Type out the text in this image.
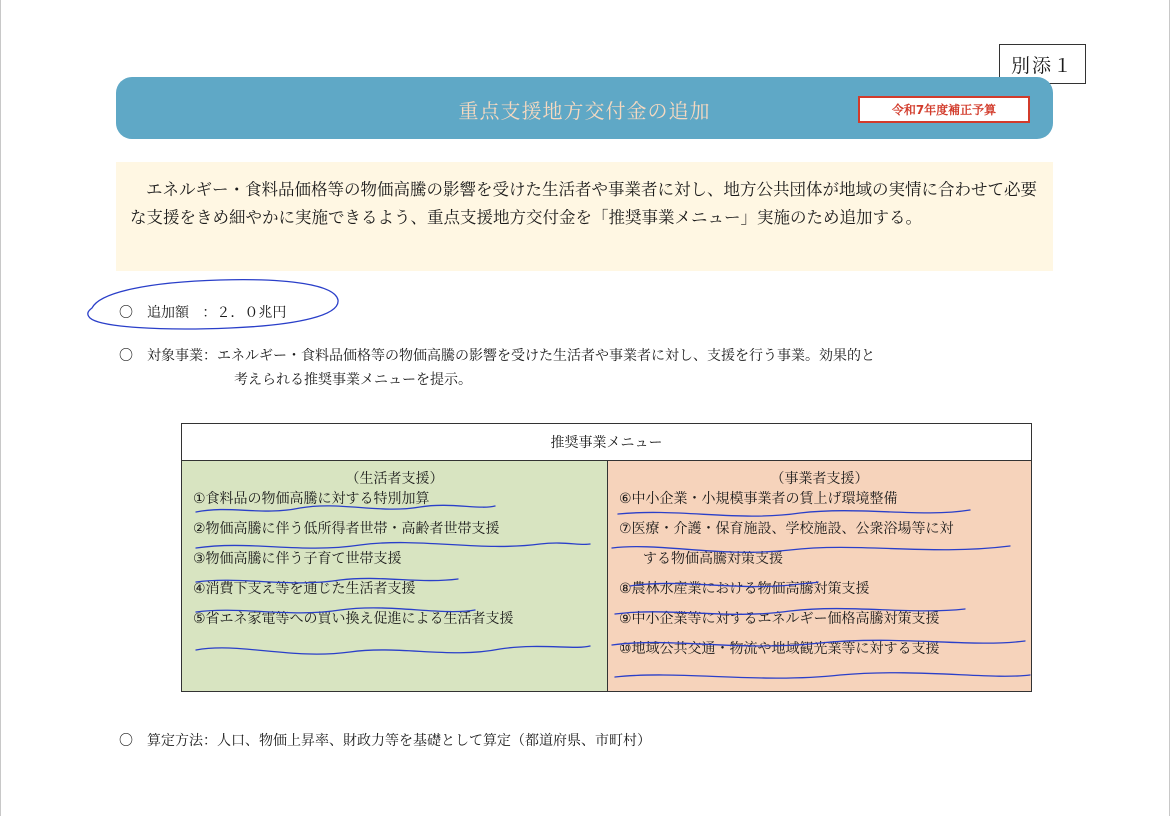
別添１
重点支援地方交付金の追加	令和7年度補正予算
エネルギー・食料品価格等の物価高騰の影響を受けた生活者や事業者に対し、地方公共団体が地域の実情に合わせて必要な支援をきめ細やかに実施できるよう、重点支援地方交付金を「推奨事業メニュー」実施のため追加する。
〇 追加額 ：２．０兆円
〇 対象事業：エネルギー・食料品価格等の物価高騰の影響を受けた生活者や事業者に対し、支援を行う事業。効果的と
考えられる推奨事業メニューを提示。
推奨事業メニュー
（生活者支援）
①食料品の物価高騰に対する特別加算
②物価高騰に伴う低所得者世帯・高齢者世帯支援
③物価高騰に伴う子育て世帯支援
④消費下支え等を通じた生活者支援
⑤省エネ家電等への買い換え促進による生活者支援
（事業者支援）
⑥中小企業・小規模事業者の賃上げ環境整備
⑦医療・介護・保育施設、学校施設、公衆浴場等に対
する物価高騰対策支援
⑧農林水産業における物価高騰対策支援
⑨中小企業等に対するエネルギー価格高騰対策支援
⑩地域公共交通・物流や地域観光業等に対する支援
〇 算定方法：人口、物価上昇率、財政力等を基礎として算定（都道府県、市町村）
